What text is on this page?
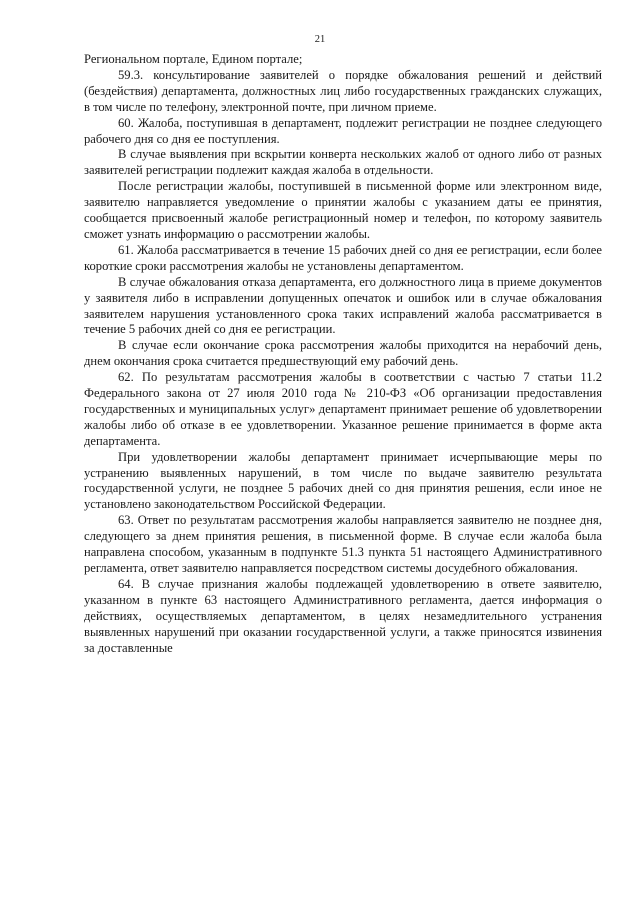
21

Региональном портале, Едином портале;

59.3. консультирование заявителей о порядке обжалования решений и действий (бездействия) департамента, должностных лиц либо государственных гражданских служащих, в том числе по телефону, электронной почте, при личном приеме.

60. Жалоба, поступившая в департамент, подлежит регистрации не позднее следующего рабочего дня со дня ее поступления.

В случае выявления при вскрытии конверта нескольких жалоб от одного либо от разных заявителей регистрации подлежит каждая жалоба в отдельности.

После регистрации жалобы, поступившей в письменной форме или электронном виде, заявителю направляется уведомление о принятии жалобы с указанием даты ее принятия, сообщается присвоенный жалобе регистрационный номер и телефон, по которому заявитель сможет узнать информацию о рассмотрении жалобы.

61. Жалоба рассматривается в течение 15 рабочих дней со дня ее регистрации, если более короткие сроки рассмотрения жалобы не установлены департаментом.

В случае обжалования отказа департамента, его должностного лица в приеме документов у заявителя либо в исправлении допущенных опечаток и ошибок или в случае обжалования заявителем нарушения установленного срока таких исправлений жалоба рассматривается в течение 5 рабочих дней со дня ее регистрации.

В случае если окончание срока рассмотрения жалобы приходится на нерабочий день, днем окончания срока считается предшествующий ему рабочий день.

62. По результатам рассмотрения жалобы в соответствии с частью 7 статьи 11.2 Федерального закона от 27 июля 2010 года № 210-ФЗ «Об организации предоставления государственных и муниципальных услуг» департамент принимает решение об удовлетворении жалобы либо об отказе в ее удовлетворении. Указанное решение принимается в форме акта департамента.

При удовлетворении жалобы департамент принимает исчерпывающие меры по устранению выявленных нарушений, в том числе по выдаче заявителю результата государственной услуги, не позднее 5 рабочих дней со дня принятия решения, если иное не установлено законодательством Российской Федерации.

63. Ответ по результатам рассмотрения жалобы направляется заявителю не позднее дня, следующего за днем принятия решения, в письменной форме. В случае если жалоба была направлена способом, указанным в подпункте 51.3 пункта 51 настоящего Административного регламента, ответ заявителю направляется посредством системы досудебного обжалования.

64. В случае признания жалобы подлежащей удовлетворению в ответе заявителю, указанном в пункте 63 настоящего Административного регламента, дается информация о действиях, осуществляемых департаментом, в целях незамедлительного устранения выявленных нарушений при оказании государственной услуги, а также приносятся извинения за доставленные
